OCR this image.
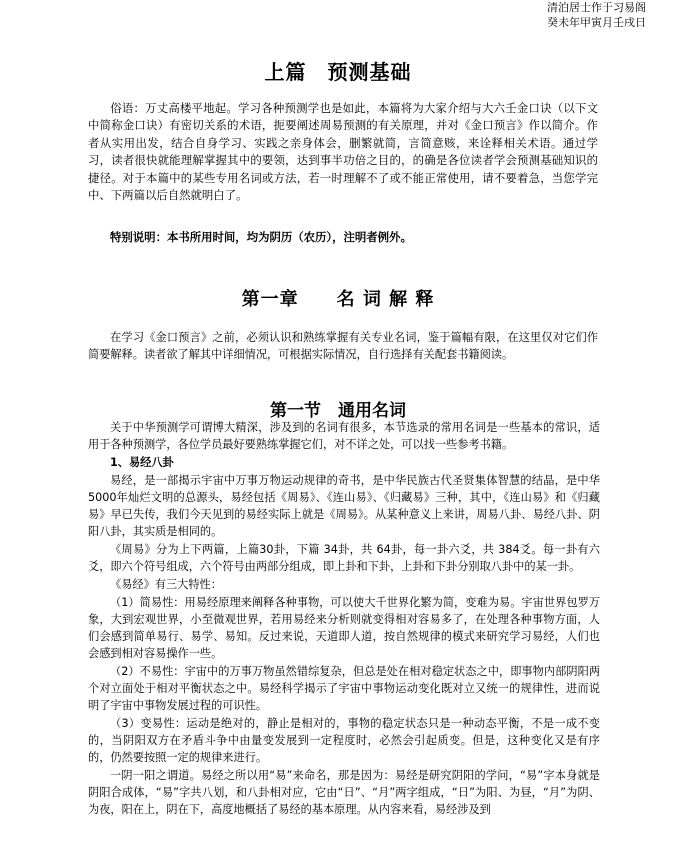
清泊居士作于习易阁
癸未年甲寅月壬戌日
上篇　预测基础
俗语：万丈高楼平地起。学习各种预测学也是如此，本篇将为大家介绍与大六壬金口诀（以下文中简称金口诀）有密切关系的术语，扼要阐述周易预测的有关原理，并对《金口预言》作以简介。作者从实用出发，结合自身学习、实践之亲身体会，删繁就简，言简意赅，来诠释相关术语。通过学习，读者很快就能理解掌握其中的要领，达到事半功倍之目的，的确是各位读者学会预测基础知识的捷径。对于本篇中的某些专用名词或方法，若一时理解不了或不能正常使用，请不要着急，当您学完中、下两篇以后自然就明白了。
特别说明：本书所用时间，均为阴历（农历），注明者例外。
第一章　　名 词 解 释
在学习《金口预言》之前，必须认识和熟练掌握有关专业名词，鉴于篇幅有限，在这里仅对它们作简要解释。读者欲了解其中详细情况，可根据实际情况，自行选择有关配套书籍阅读。
第一节　通用名词

关于中华预测学可谓博大精深，涉及到的名词有很多，本节选录的常用名词是一些基本的常识，适用于各种预测学，各位学员最好要熟练掌握它们，对不详之处，可以找一些参考书籍。

1、易经八卦

易经，是一部揭示宇宙中万事万物运动规律的奇书，是中华民族古代圣贤集体智慧的结晶，是中华5000年灿烂文明的总源头，易经包括《周易》、《连山易》、《归藏易》三种，其中，《连山易》和《归藏易》早已失传，我们今天见到的易经实际上就是《周易》。从某种意义上来讲，周易八卦、易经八卦、阴阳八卦，其实质是相同的。

《周易》分为上下两篇，上篇30卦，下篇 34卦，共 64卦，每一卦六爻，共 384爻。每一卦有六爻，即六个符号组成，六个符号由两部分组成，即上卦和下卦，上卦和下卦分别取八卦中的某一卦。

《易经》有三大特性：

（1）简易性：用易经原理来阐释各种事物，可以使大千世界化繁为简，变难为易。宇宙世界包罗万象，大到宏观世界，小至微观世界，若用易经来分析则就变得相对容易多了，在处理各种事物方面，人们会感到简单易行、易学、易知。反过来说，天道即人道，按自然规律的模式来研究学习易经，人们也会感到相对容易操作一些。

（2）不易性：宇宙中的万事万物虽然错综复杂，但总是处在相对稳定状态之中，即事物内部阴阳两个对立面处于相对平衡状态之中。易经科学揭示了宇宙中事物运动变化既对立又统一的规律性，进而说明了宇宙中事物发展过程的可识性。

（3）变易性：运动是绝对的，静止是相对的，事物的稳定状态只是一种动态平衡，不是一成不变的，当阴阳双方在矛盾斗争中由量变发展到一定程度时，必然会引起质变。但是，这种变化又是有序的，仍然要按照一定的规律来进行。

一阴一阳之谓道。易经之所以用“易”来命名，那是因为：易经是研究阴阳的学问，“易”字本身就是阴阳合成体，“易”字共八划，和八卦相对应，它由“日”、“月”两字组成，“日”为阳、为昼，“月”为阴、为夜，阳在上，阴在下，高度地概括了易经的基本原理。从内容来看，易经涉及到
